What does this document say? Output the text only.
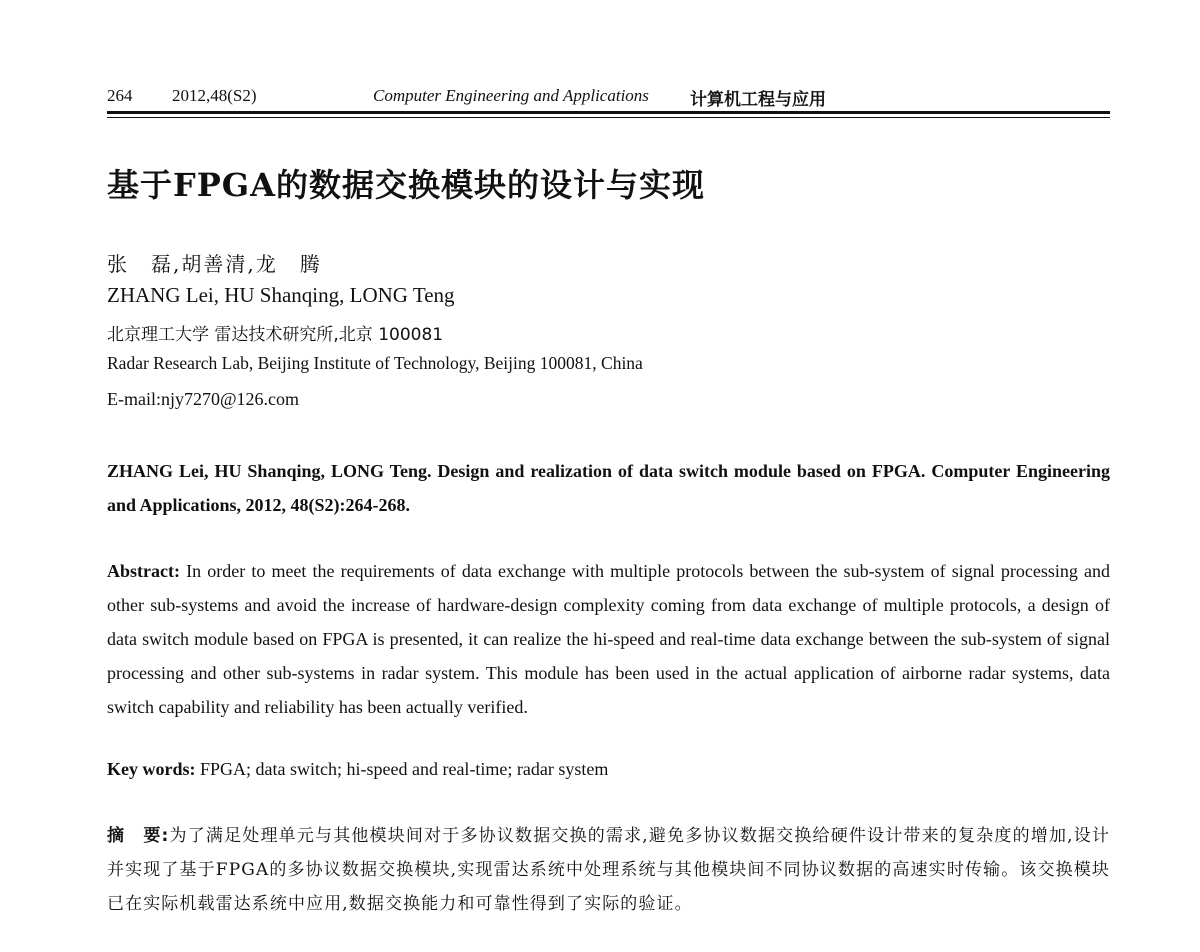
264 2012,48(S2)	Computer Engineering and Applications 计算机工程与应用
基于FPGA的数据交换模块的设计与实现
张　磊,胡善清,龙　腾
ZHANG Lei, HU Shanqing, LONG Teng
北京理工大学 雷达技术研究所,北京 100081
Radar Research Lab, Beijing Institute of Technology, Beijing 100081, China
E-mail:njy7270@126.com
ZHANG Lei, HU Shanqing, LONG Teng. Design and realization of data switch module based on FPGA. Computer Engineering and Applications, 2012, 48(S2):264-268.
Abstract: In order to meet the requirements of data exchange with multiple protocols between the sub-system of signal processing and other sub-systems and avoid the increase of hardware-design complexity coming from data exchange of multiple protocols, a design of data switch module based on FPGA is presented, it can realize the hi-speed and real-time data exchange between the sub-system of signal processing and other sub-systems in radar system. This module has been used in the actual application of airborne radar systems, data switch capability and reliability has been actually verified.
Key words: FPGA; data switch; hi-speed and real-time; radar system
摘　要:为了满足处理单元与其他模块间对于多协议数据交换的需求,避免多协议数据交换给硬件设计带来的复杂度的增加,设计并实现了基于FPGA的多协议数据交换模块,实现雷达系统中处理系统与其他模块间不同协议数据的高速实时传输。该交换模块已在实际机载雷达系统中应用,数据交换能力和可靠性得到了实际的验证。
